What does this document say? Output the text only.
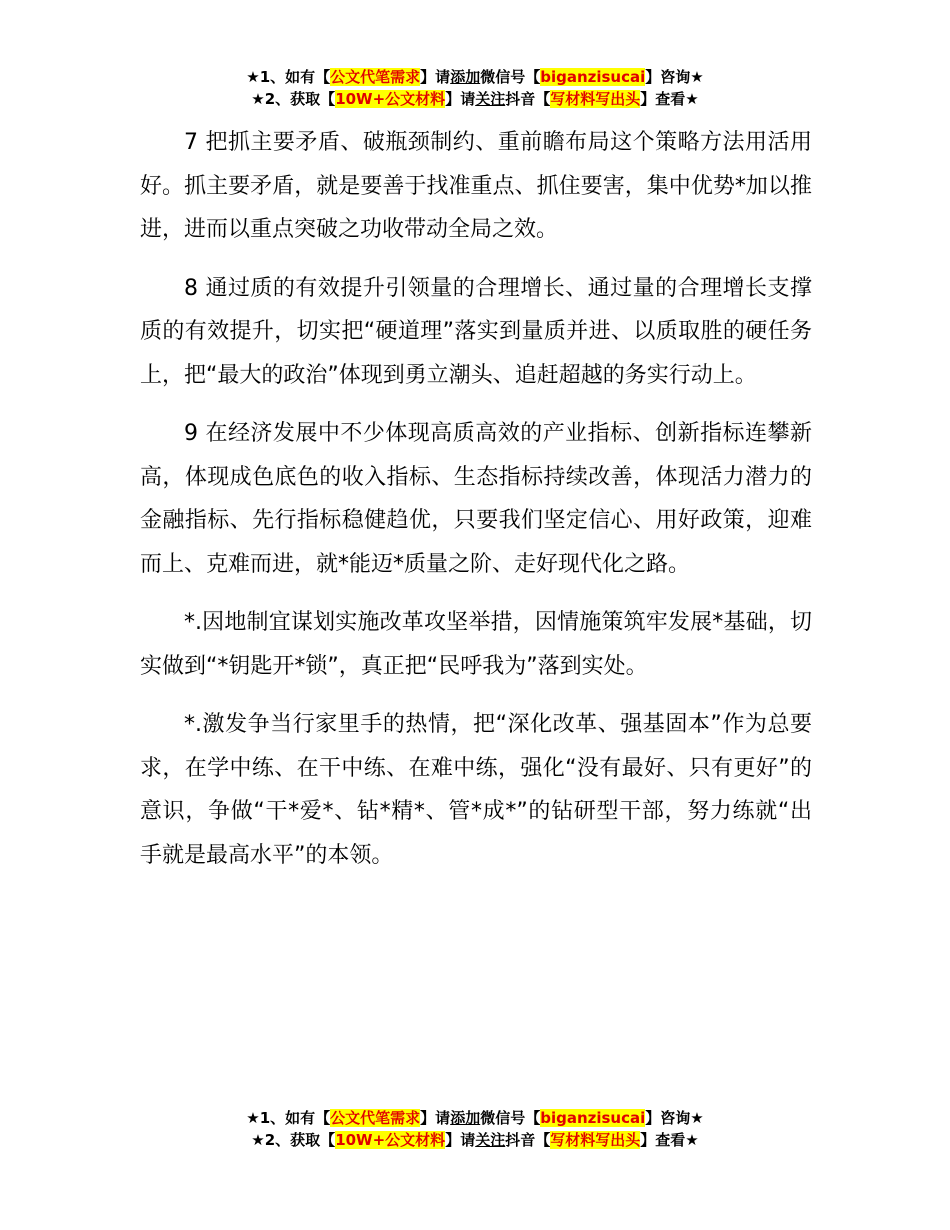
★1、如有【公文代笔需求】请添加微信号【biganzisucai】咨询★
★2、获取【10W+公文材料】请关注抖音【写材料写出头】查看★

7 把抓主要矛盾、破瓶颈制约、重前瞻布局这个策略方法用活用好。抓主要矛盾，就是要善于找准重点、抓住要害，集中优势*加以推进，进而以重点突破之功收带动全局之效。

8 通过质的有效提升引领量的合理增长、通过量的合理增长支撑质的有效提升，切实把“硬道理”落实到量质并进、以质取胜的硬任务上，把“最大的政治”体现到勇立潮头、追赶超越的务实行动上。

9 在经济发展中不少体现高质高效的产业指标、创新指标连攀新高，体现成色底色的收入指标、生态指标持续改善，体现活力潜力的金融指标、先行指标稳健趋优，只要我们坚定信心、用好政策，迎难而上、克难而进，就*能迈*质量之阶、走好现代化之路。

*.因地制宜谋划实施改革攻坚举措，因情施策筑牢发展*基础，切实做到“*钥匙开*锁”，真正把“民呼我为”落到实处。

*.激发争当行家里手的热情，把“深化改革、强基固本”作为总要求，在学中练、在干中练、在难中练，强化“没有最好、只有更好”的意识，争做“干*爱*、钻*精*、管*成*”的钻研型干部，努力练就“出手就是最高水平”的本领。

★1、如有【公文代笔需求】请添加微信号【biganzisucai】咨询★
★2、获取【10W+公文材料】请关注抖音【写材料写出头】查看★
